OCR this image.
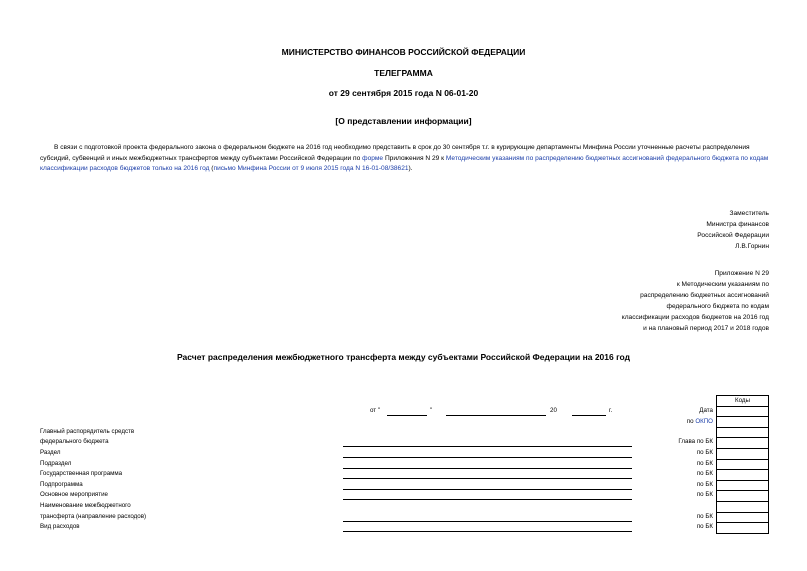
МИНИСТЕРСТВО ФИНАНСОВ РОССИЙСКОЙ ФЕДЕРАЦИИ
ТЕЛЕГРАММА
от 29 сентября 2015 года N 06-01-20
[О представлении информации]
В связи с подготовкой проекта федерального закона о федеральном бюджете на 2016 год необходимо представить в срок до 30 сентября т.г. в курирующие департаменты Минфина России уточненные расчеты распределения субсидий, субвенций и иных межбюджетных трансфертов между субъектами Российской Федерации по форме Приложения N 29 к Методическим указаниям по распределению бюджетных ассигнований федерального бюджета по кодам классификации расходов бюджетов только на 2016 год (письмо Минфина России от 9 июля 2015 года N 16-01-08/38621).
Заместитель
Министра финансов
Российской Федерации
Л.В.Горнин
Приложение N 29
к Методическим указаниям по
распределению бюджетных ассигнований
федерального бюджета по кодам
классификации расходов бюджетов на 2016 год
и на плановый период 2017 и 2018 годов
Расчет распределения межбюджетного трансферта между субъектами Российской Федерации на 2016 год
Коды

от "	"	20	г.	Дата
по ОКПО
Главный распорядитель средств
федерального бюджета	Глава по БК
Раздел	по БК
Подраздел	по БК
Государственная программа	по БК
Подпрограмма	по БК
Основное мероприятие	по БК
Наименование межбюджетного
трансферта (направление расходов)	по БК
Вид расходов	по БК
